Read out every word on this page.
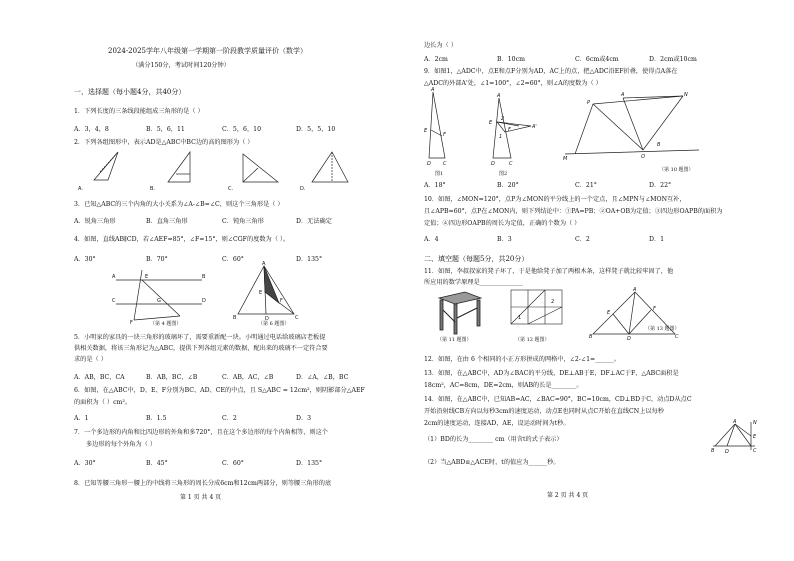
2024-2025学年八年级第一学期第一阶段教学质量评价（数学）
（满分150分，考试时间120分钟）
一、选择题（每小题4分，共40分）
1．下列长度的三条线段能组成三角形的是（ ）
A．3，4，8	B．5，6，11	C．5，6，10	D．5，5，10
2．下列各组图形中，表示AD是△ABC中BC边的高的图形为（ ）
A.	B.	C.	D.
3．已知△ABC的三个内角的大小关系为∠A-∠B=∠C，则这个三角形是（ ）
A．锐角三角形	B．直角三角形	C．钝角三角形	D．无法确定
4．如图，直线AB∥CD，若∠AEF=85°，∠F=15°，则∠CGF的度数为（ ）。
A．30°	B．70°	C．60°	D．135°
A	B
C	D
E
F
G
（第 4 题图）
A
B	C
D
E
F
（第 6 题图）
5．小明家的家具的一块三角形的玻璃坏了，需要重新配一块。小明通过电话给玻璃店老板提
供相关数据，将该三角形记为△ABC，提供下列各组元素的数据，配出来的玻璃不一定符合要
求的是（ ）
A．AB，BC，CA	B．AB，BC，∠B	C．AB，AC，∠B	D．∠A，∠B，BC
6．如图，在△ABC中，D、E、F分别为BC、AD、CE的中点，且 S△ABC = 12cm²，则阴影部分△AEF
的面积为（ ）cm²。
A．1	B．1.5	C．2	D．3
7．一个多边形的内角和比四边形的外角和多720°，且在这个多边形的每个内角相等，则这个
多边形的每个外角为（ ）
A．30°	B．45°	C．60°	D．135°
8．已知等腰三角形一腰上的中线将三角形的周长分成6cm和12cm两部分，则等腰三角形的底
第 1 页 共 4 页
边长为（ ）
A．2cm	B．10cm	C．6cm或4cm	D．2cm或10cm
9．如图1，△ADC中，点E和点F分别为AD，AC上的点，把△ADC沿EF折叠，使得点A落在
△ADC的外部A'处，∠1=100°，∠2=60°，则∠A的度数为（ ）
A
E
F
D C
A
E
F	A'
2
1
D	C
图1	图2
A
P
N
M	O
B
（第 10 题图）
A．18°	B．20°	C．21°	D．22°
10．如图，∠MON=120°，点P为∠MON的平分线上的一个定点，且∠MPN与∠MON互补，
且∠APB=60°，点P在∠MON内，则下列结论中：①PA=PB；②OA+OB为定值；③四边形OAPB的面积为
定值；④四边形OAPB的周长为定值，正确的个数为（ ）
A．4	B．3	C．2	D．1
二、填空题（每题5分，共20分）
11．如图，李叔叔家的凳子坏了，于是他给凳子加了两根木条，这样凳子就比较牢固了，他
所应用的数学原理是______________
（第 11 题图）
1
2
（第 12 题图）
A
B	C
D
E
F
（第 13 题图）
12．如图，在由 6 个相同的小正方形拼成的网格中，∠2-∠1=______。
13．如图，在△ABC中，AD为∠BAC的平分线，DE⊥AB于E，DF⊥AC于F，△ABC面积是
18cm²，AC=8cm，DE=2cm，则AB的长是________。
14．如图，在△ABC中，已知AB=AC，∠BAC=90°，BC=10cm，CD⊥BD于C，动点D从点C
开始沿射线CB方向以每秒3cm的速度运动，动点E也同时从点C开始在直线CN上以每秒
2cm的速度运动，连接AD，AE，设运动时间为t秒。
（1）BD的长为________ cm（用含t的式子表示）
（2）当△ABD≌△ACE时，t的值应为______秒。
A
B	C
D
E
N
第 2 页 共 4 页
